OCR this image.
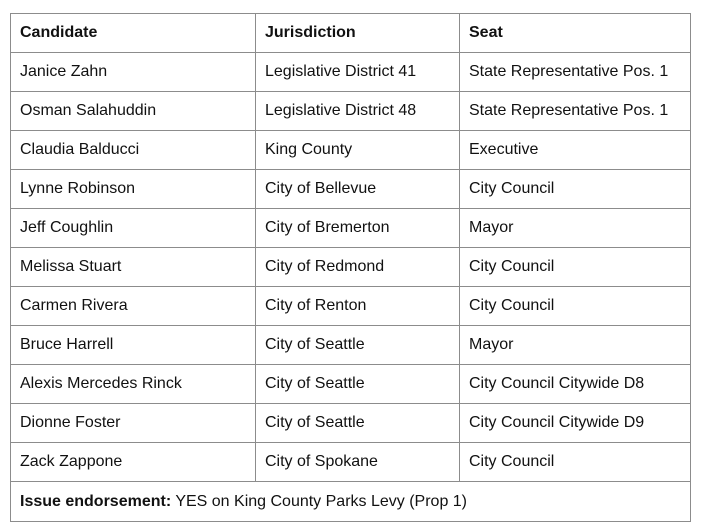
Candidate	Jurisdiction	Seat
Janice Zahn	Legislative District 41	State Representative Pos. 1
Osman Salahuddin	Legislative District 48	State Representative Pos. 1
Claudia Balducci	King County	Executive
Lynne Robinson	City of Bellevue	City Council
Jeff Coughlin	City of Bremerton	Mayor
Melissa Stuart	City of Redmond	City Council
Carmen Rivera	City of Renton	City Council
Bruce Harrell	City of Seattle	Mayor
Alexis Mercedes Rinck	City of Seattle	City Council Citywide D8
Dionne Foster	City of Seattle	City Council Citywide D9
Zack Zappone	City of Spokane	City Council
Issue endorsement: YES on King County Parks Levy (Prop 1)		
